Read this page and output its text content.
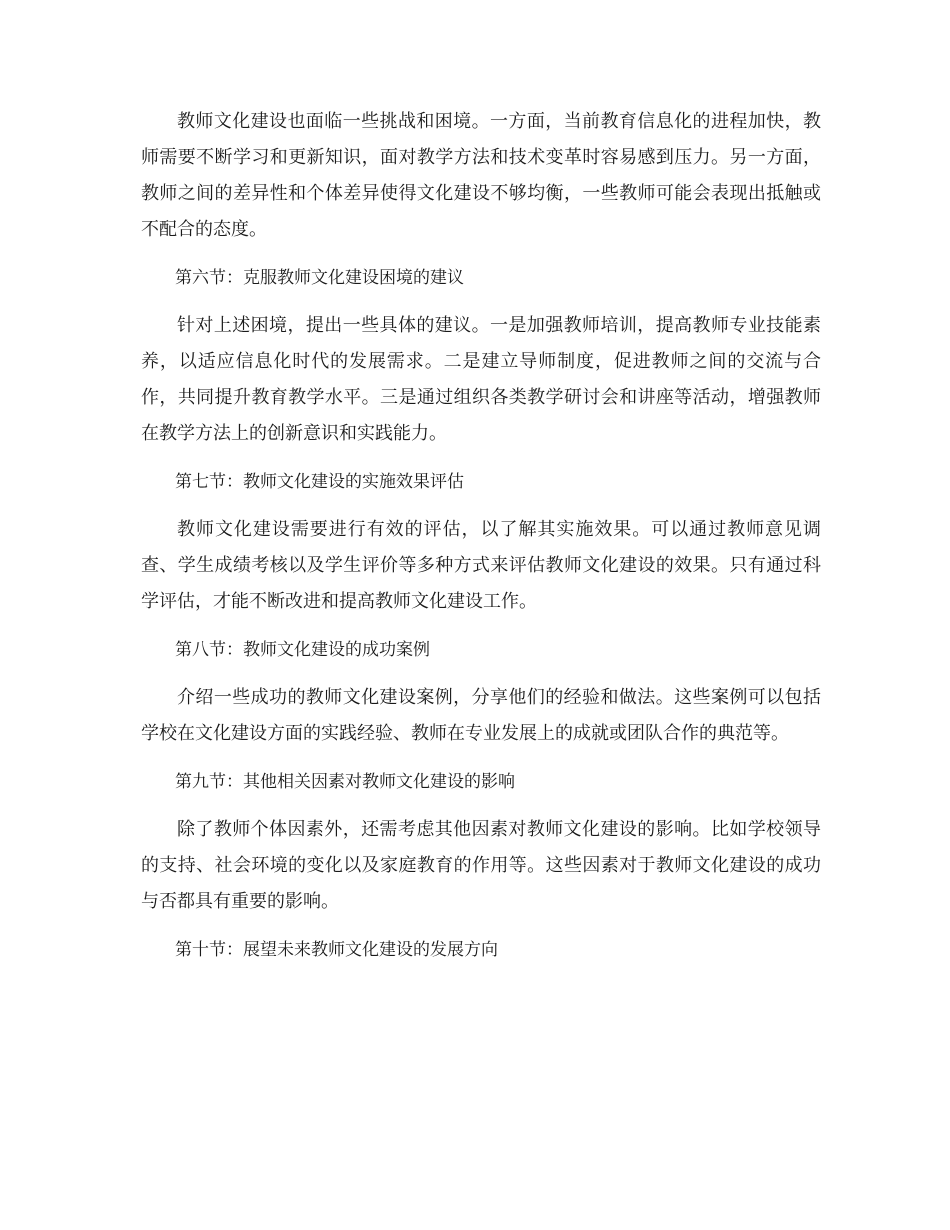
教师文化建设也面临一些挑战和困境。一方面，当前教育信息化的进程加快，教师需要不断学习和更新知识，面对教学方法和技术变革时容易感到压力。另一方面，教师之间的差异性和个体差异使得文化建设不够均衡，一些教师可能会表现出抵触或不配合的态度。

第六节：克服教师文化建设困境的建议

针对上述困境，提出一些具体的建议。一是加强教师培训，提高教师专业技能素养，以适应信息化时代的发展需求。二是建立导师制度，促进教师之间的交流与合作，共同提升教育教学水平。三是通过组织各类教学研讨会和讲座等活动，增强教师在教学方法上的创新意识和实践能力。

第七节：教师文化建设的实施效果评估

教师文化建设需要进行有效的评估，以了解其实施效果。可以通过教师意见调查、学生成绩考核以及学生评价等多种方式来评估教师文化建设的效果。只有通过科学评估，才能不断改进和提高教师文化建设工作。

第八节：教师文化建设的成功案例

介绍一些成功的教师文化建设案例，分享他们的经验和做法。这些案例可以包括学校在文化建设方面的实践经验、教师在专业发展上的成就或团队合作的典范等。

第九节：其他相关因素对教师文化建设的影响

除了教师个体因素外，还需考虑其他因素对教师文化建设的影响。比如学校领导的支持、社会环境的变化以及家庭教育的作用等。这些因素对于教师文化建设的成功与否都具有重要的影响。

第十节：展望未来教师文化建设的发展方向
